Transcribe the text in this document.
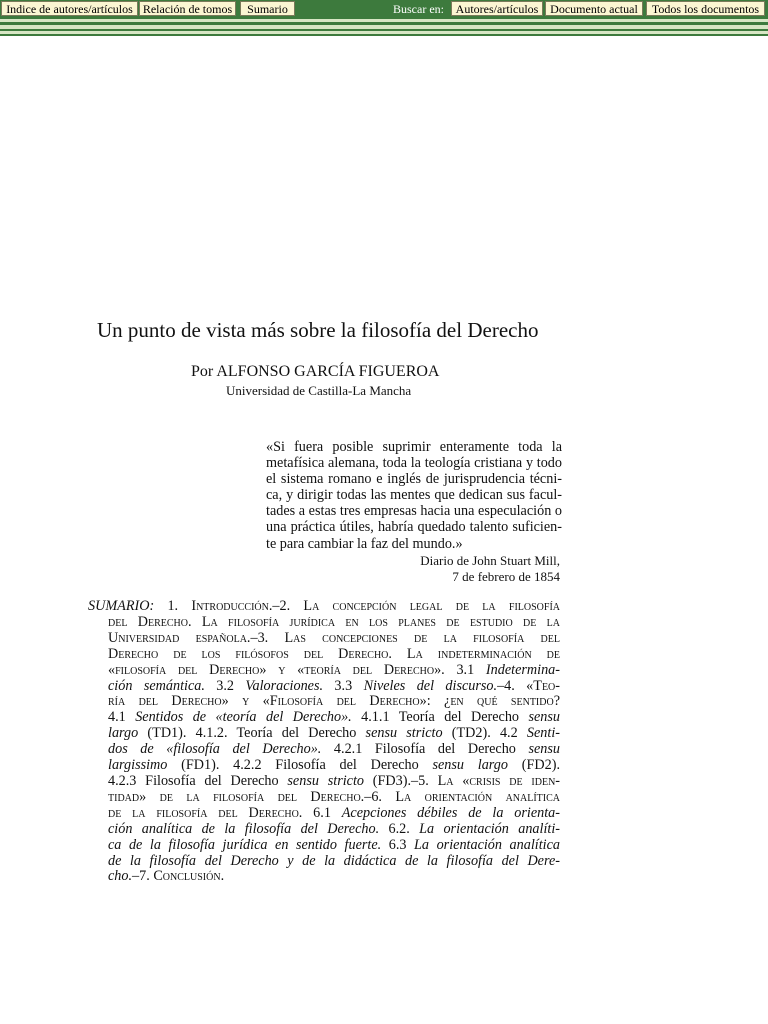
Indice de autores/artículos Relación de tomos	Sumario	Buscar en: Autores/artículos Documento actual	Todos los documentos
Un punto de vista más sobre la filosofía del Derecho
Por ALFONSO GARCÍA FIGUEROA
Universidad de Castilla-La Mancha
«Si fuera posible suprimir enteramente toda la
metafísica alemana, toda la teología cristiana y todo
el sistema romano e inglés de jurisprudencia técni-
ca, y dirigir todas las mentes que dedican sus facul-
tades a estas tres empresas hacia una especulación o
una práctica útiles, habría quedado talento suficien-
te para cambiar la faz del mundo.»
Diario de John Stuart Mill,
7 de febrero de 1854
SUMARIO: 1. Introducción.–2. La concepción legal de la filosofía
del Derecho. La filosofía jurídica en los planes de estudio de la
Universidad española.–3. Las concepciones de la filosofía del
Derecho de los filósofos del Derecho. La indeterminación de
«filosofía del Derecho» y «teoría del Derecho». 3.1 Indetermina-
ción semántica. 3.2 Valoraciones. 3.3 Niveles del discurso.–4. «Teo-
ría del Derecho» y «Filosofía del Derecho»: ¿en qué sentido?
4.1 Sentidos de «teoría del Derecho». 4.1.1 Teoría del Derecho sensu
largo (TD1). 4.1.2. Teoría del Derecho sensu stricto (TD2). 4.2 Senti-
dos de «filosofía del Derecho». 4.2.1 Filosofía del Derecho sensu
largissimo (FD1). 4.2.2 Filosofía del Derecho sensu largo (FD2).
4.2.3 Filosofía del Derecho sensu stricto (FD3).–5. La «crisis de iden-
tidad» de la filosofía del Derecho.–6. La orientación analítica
de la filosofía del Derecho. 6.1 Acepciones débiles de la orienta-
ción analítica de la filosofía del Derecho. 6.2. La orientación analíti-
ca de la filosofía jurídica en sentido fuerte. 6.3 La orientación analítica
de la filosofía del Derecho y de la didáctica de la filosofía del Dere-
cho.–7. Conclusión.
